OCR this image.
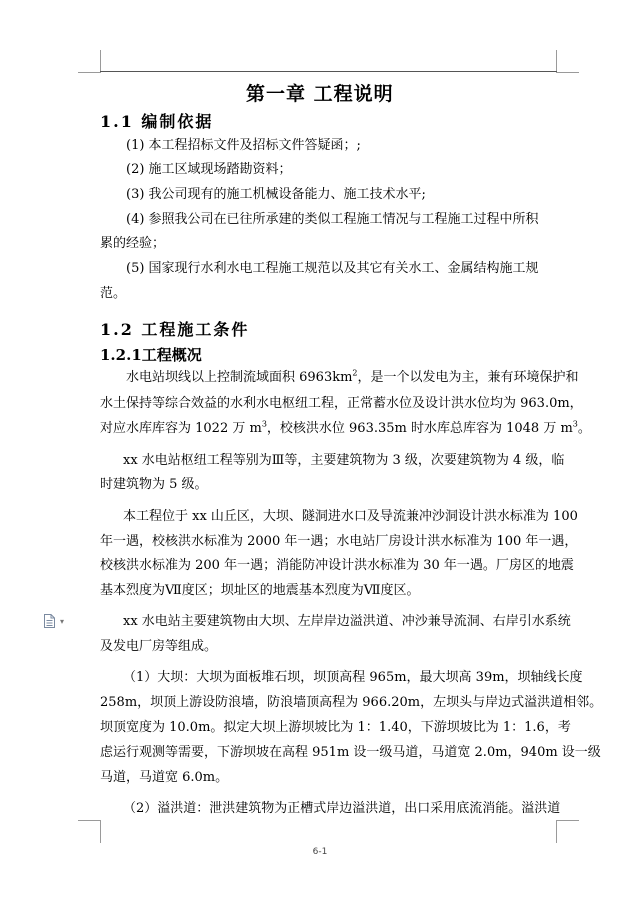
第一章 工程说明
1.1 编制依据
(1) 本工程招标文件及招标文件答疑函；;
(2) 施工区域现场踏勘资料；
(3) 我公司现有的施工机械设备能力、施工技术水平;
(4) 参照我公司在已往所承建的类似工程施工情况与工程施工过程中所积
累的经验；
(5) 国家现行水利水电工程施工规范以及其它有关水工、金属结构施工规
范。
1.2 工程施工条件
1.2.1工程概况
水电站坝线以上控制流域面积 $6963km^2$，是一个以发电为主，兼有环境保护和
水土保持等综合效益的水利水电枢纽工程，正常蓄水位及设计洪水位均为 963.0m，
对应水库库容为 1022 万 $m^3$，校核洪水位 963.35m 时水库总库容为 1048 万 $m^3$。
xx 水电站枢纽工程等别为Ⅲ等，主要建筑物为 3 级，次要建筑物为 4 级，临
时建筑物为 5 级。
本工程位于 xx 山丘区，大坝、隧洞进水口及导流兼冲沙洞设计洪水标准为 100
年一遇，校核洪水标准为 2000 年一遇；水电站厂房设计洪水标准为 100 年一遇，
校核洪水标准为 200 年一遇；消能防冲设计洪水标准为 30 年一遇。厂房区的地震
基本烈度为Ⅶ度区；坝址区的地震基本烈度为Ⅶ度区。
▾	xx 水电站主要建筑物由大坝、左岸岸边溢洪道、冲沙兼导流洞、右岸引水系统
及发电厂房等组成。
（1）大坝：大坝为面板堆石坝，坝顶高程 965m，最大坝高 39m，坝轴线长度
258m，坝顶上游设防浪墙，防浪墙顶高程为 966.20m，左坝头与岸边式溢洪道相邻。
坝顶宽度为 10.0m。拟定大坝上游坝坡比为 1：1.40，下游坝坡比为 1：1.6，考
虑运行观测等需要，下游坝坡在高程 951m 设一级马道，马道宽 2.0m，940m 设一级
马道，马道宽 6.0m。
（2）溢洪道：泄洪建筑物为正槽式岸边溢洪道，出口采用底流消能。溢洪道
6-1
